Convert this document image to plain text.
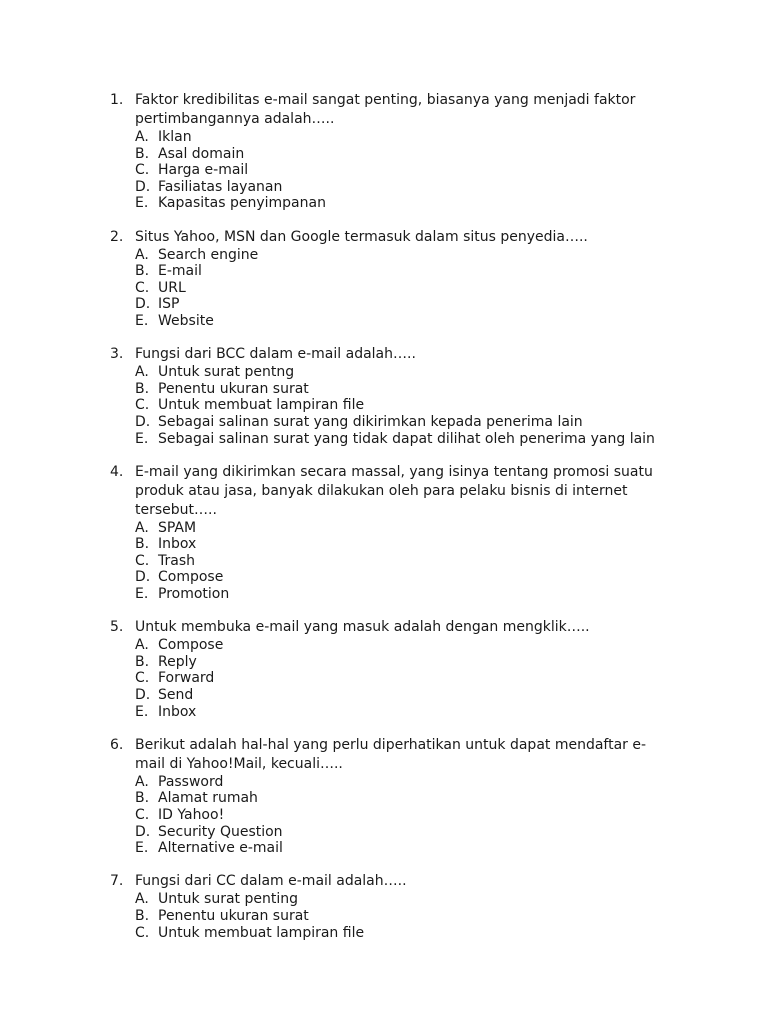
1. Faktor kredibilitas e-mail sangat penting, biasanya yang menjadi faktor pertimbangannya adalah…..
A. Iklan
B. Asal domain
C. Harga e-mail
D. Fasiliatas layanan
E. Kapasitas penyimpanan
2. Situs Yahoo, MSN dan Google termasuk dalam situs penyedia…..
A. Search engine
B. E-mail
C. URL
D. ISP
E. Website
3. Fungsi dari BCC dalam e-mail adalah…..
A. Untuk surat pentng
B. Penentu ukuran surat
C. Untuk membuat lampiran file
D. Sebagai salinan surat yang dikirimkan kepada penerima lain
E. Sebagai salinan surat yang tidak dapat dilihat oleh penerima yang lain
4. E-mail yang dikirimkan secara massal, yang isinya tentang promosi suatu produk atau jasa, banyak dilakukan oleh para pelaku bisnis di internet tersebut…..
A. SPAM
B. Inbox
C. Trash
D. Compose
E. Promotion
5. Untuk membuka e-mail yang masuk adalah dengan mengklik…..
A. Compose
B. Reply
C. Forward
D. Send
E. Inbox
6. Berikut adalah hal-hal yang perlu diperhatikan untuk dapat mendaftar e-mail di Yahoo!Mail, kecuali…..
A. Password
B. Alamat rumah
C. ID Yahoo!
D. Security Question
E. Alternative e-mail
7. Fungsi dari CC dalam e-mail adalah…..
A. Untuk surat penting
B. Penentu ukuran surat
C. Untuk membuat lampiran file
